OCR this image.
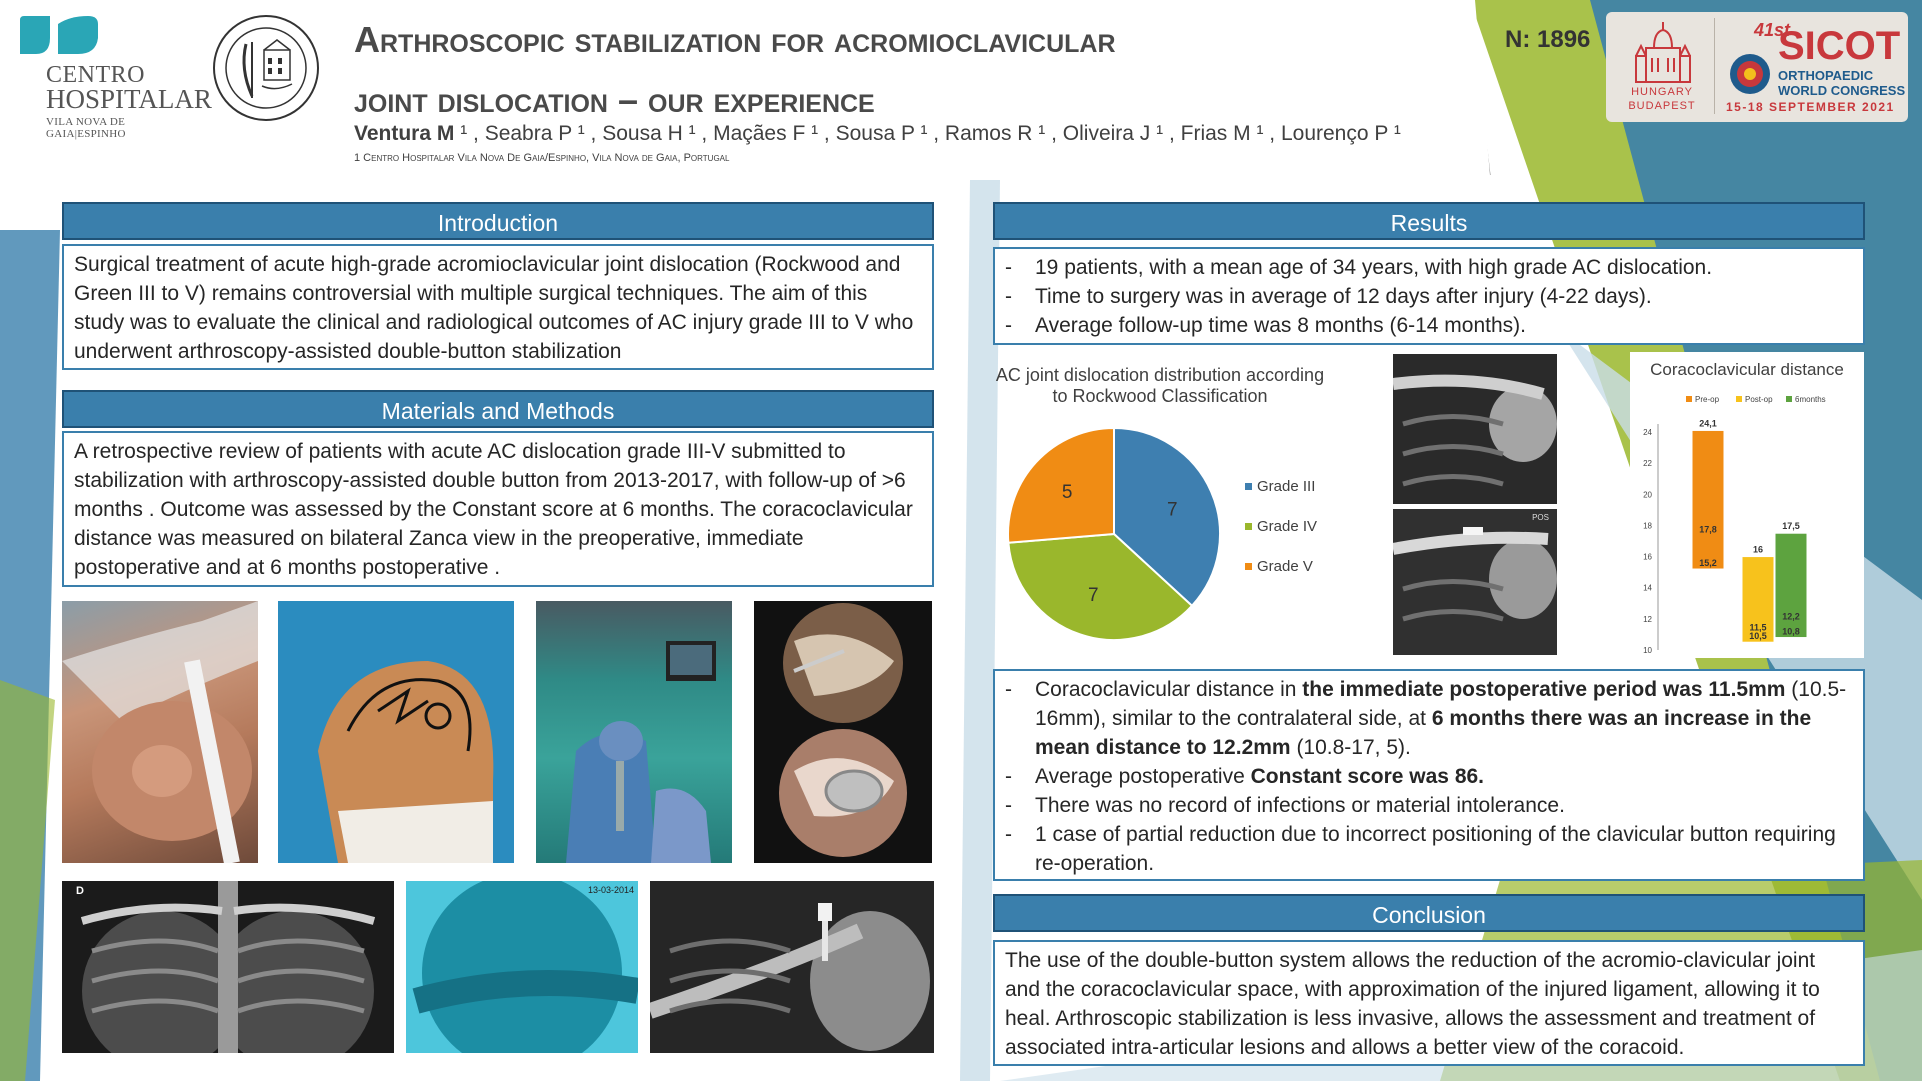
CENTRO
HOSPITALAR
VILA NOVA DE GAIA|ESPINHO
Arthroscopic stabilization for acromioclavicular
joint dislocation – our experience
Ventura M ¹ , Seabra P ¹ , Sousa H ¹ , Maçães F ¹ , Sousa P ¹ , Ramos R ¹ , Oliveira J ¹ , Frias M ¹ , Lourenço P ¹
1 Centro Hospitalar Vila Nova De Gaia/Espinho, Vila Nova de Gaia, Portugal
N: 1896
HUNGARY
BUDAPEST
41st
SICOT
ORTHOPAEDIC
WORLD CONGRESS
15-18 SEPTEMBER 2021
Introduction
Surgical treatment of acute high-grade acromioclavicular joint dislocation (Rockwood and Green III to V) remains controversial with multiple surgical techniques. The aim of this study was to evaluate the clinical and radiological outcomes of AC injury grade III to V who underwent arthroscopy-assisted double-button stabilization
Materials and Methods
A retrospective review of patients with acute AC dislocation grade III-V submitted to stabilization with arthroscopy-assisted double button from 2013-2017, with follow-up of >6 months . Outcome was assessed by the Constant score at 6 months. The coracoclavicular distance was measured on bilateral Zanca view in the preoperative, immediate postoperative and at 6 months postoperative .
D	13-03-2014
Results
- 19 patients, with a mean age of 34 years, with high grade AC dislocation.
- Time to surgery was in average of 12 days after injury (4-22 days).
- Average follow-up time was 8 months (6-14 months).
AC joint dislocation distribution according to Rockwood Classification
7
7
5	Grade III
Grade IV
Grade V
POS
Coracoclavicular distance
Pre-op	Post-op	6months
24
22
20
18
16
14
12
10
24,1
17,8
15,2
16
11,5
10,5
17,5
12,2
10,8
- Coracoclavicular distance in the immediate postoperative period was 11.5mm (10.5-16mm), similar to the contralateral side, at 6 months there was an increase in the mean distance to 12.2mm (10.8-17, 5).
- Average postoperative Constant score was 86.
- There was no record of infections or material intolerance.
- 1 case of partial reduction due to incorrect positioning of the clavicular button requiring re-operation.
Conclusion
The use of the double-button system allows the reduction of the acromio-clavicular joint and the coracoclavicular space, with approximation of the injured ligament, allowing it to heal. Arthroscopic stabilization is less invasive, allows the assessment and treatment of associated intra-articular lesions and allows a better view of the coracoid.
